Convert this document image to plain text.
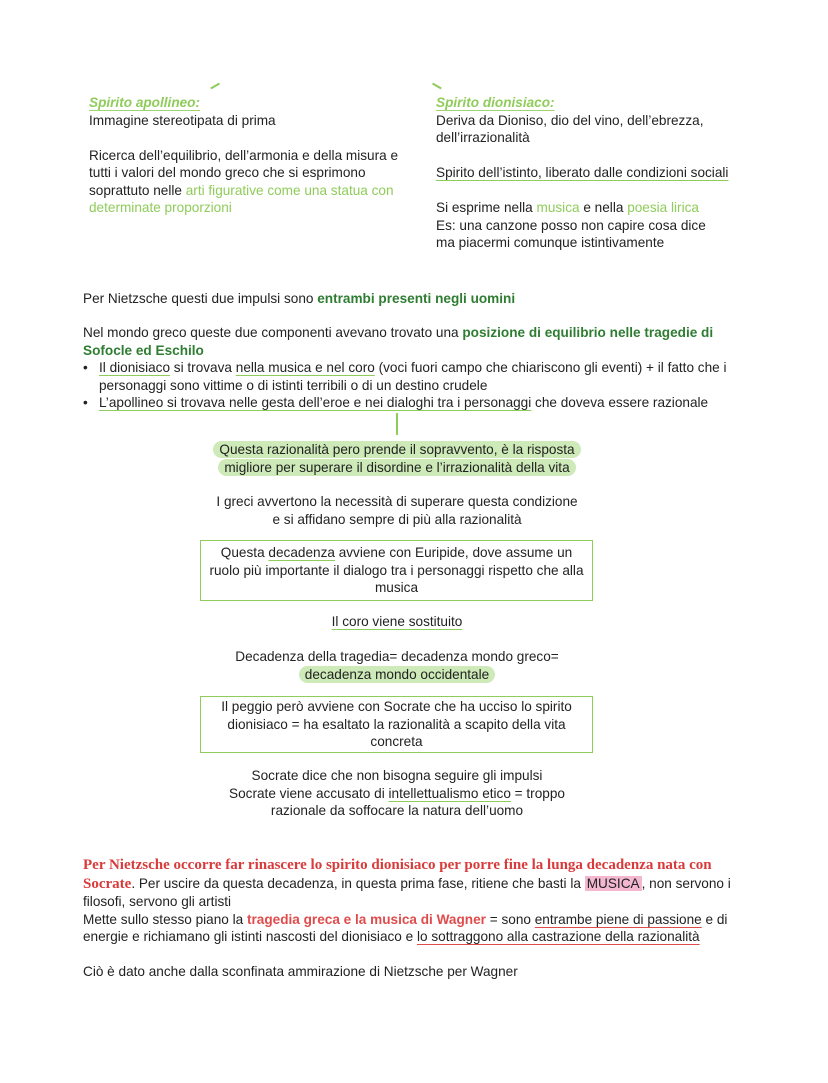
Spirito apollineo:

Immagine stereotipata di prima

Ricerca dell’equilibrio, dell’armonia e della misura e tutti i valori del mondo greco che si esprimono soprattuto nelle arti figurative come una statua con determinate proporzioni

Spirito dionisiaco:

Deriva da Dioniso, dio del vino, dell’ebrezza, dell’irrazionalità

Spirito dell’istinto, liberato dalle condizioni sociali

Si esprime nella musica e nella poesia lirica

Es: una canzone posso non capire cosa dice

ma piacermi comunque istintivamente

Per Nietzsche questi due impulsi sono entrambi presenti negli uomini

Nel mondo greco queste due componenti avevano trovato una posizione di equilibrio nelle tragedie di Sofocle ed Eschilo

• Il dionisiaco si trovava nella musica e nel coro (voci fuori campo che chiariscono gli eventi) + il fatto che i personaggi sono vittime o di istinti terribili o di un destino crudele
• L’apollineo si trovava nelle gesta dell’eroe e nei dialoghi tra i personaggi che doveva essere razionale

Questa razionalità pero prende il sopravvento, è la risposta

migliore per superare il disordine e l’irrazionalità della vita

I greci avvertono la necessità di superare questa condizione

e si affidano sempre di più alla razionalità

Questa decadenza avviene con Euripide, dove assume un ruolo più importante il dialogo tra i personaggi rispetto che alla musica

Il coro viene sostituito

Decadenza della tragedia= decadenza mondo greco=

decadenza mondo occidentale

Il peggio però avviene con Socrate che ha ucciso lo spirito dionisiaco = ha esaltato la razionalità a scapito della vita concreta

Socrate dice che non bisogna seguire gli impulsi

Socrate viene accusato di intellettualismo etico = troppo

razionale da soffocare la natura dell’uomo

Per Nietzsche occorre far rinascere lo spirito dionisiaco per porre fine la lunga decadenza nata con Socrate. Per uscire da questa decadenza, in questa prima fase, ritiene che basti la MUSICA , non servono i filosofi, servono gli artisti

Mette sullo stesso piano la tragedia greca e la musica di Wagner = sono entrambe piene di passione e di energie e richiamano gli istinti nascosti del dionisiaco e lo sottraggono alla castrazione della razionalità

Ciò è dato anche dalla sconfinata ammirazione di Nietzsche per Wagner
